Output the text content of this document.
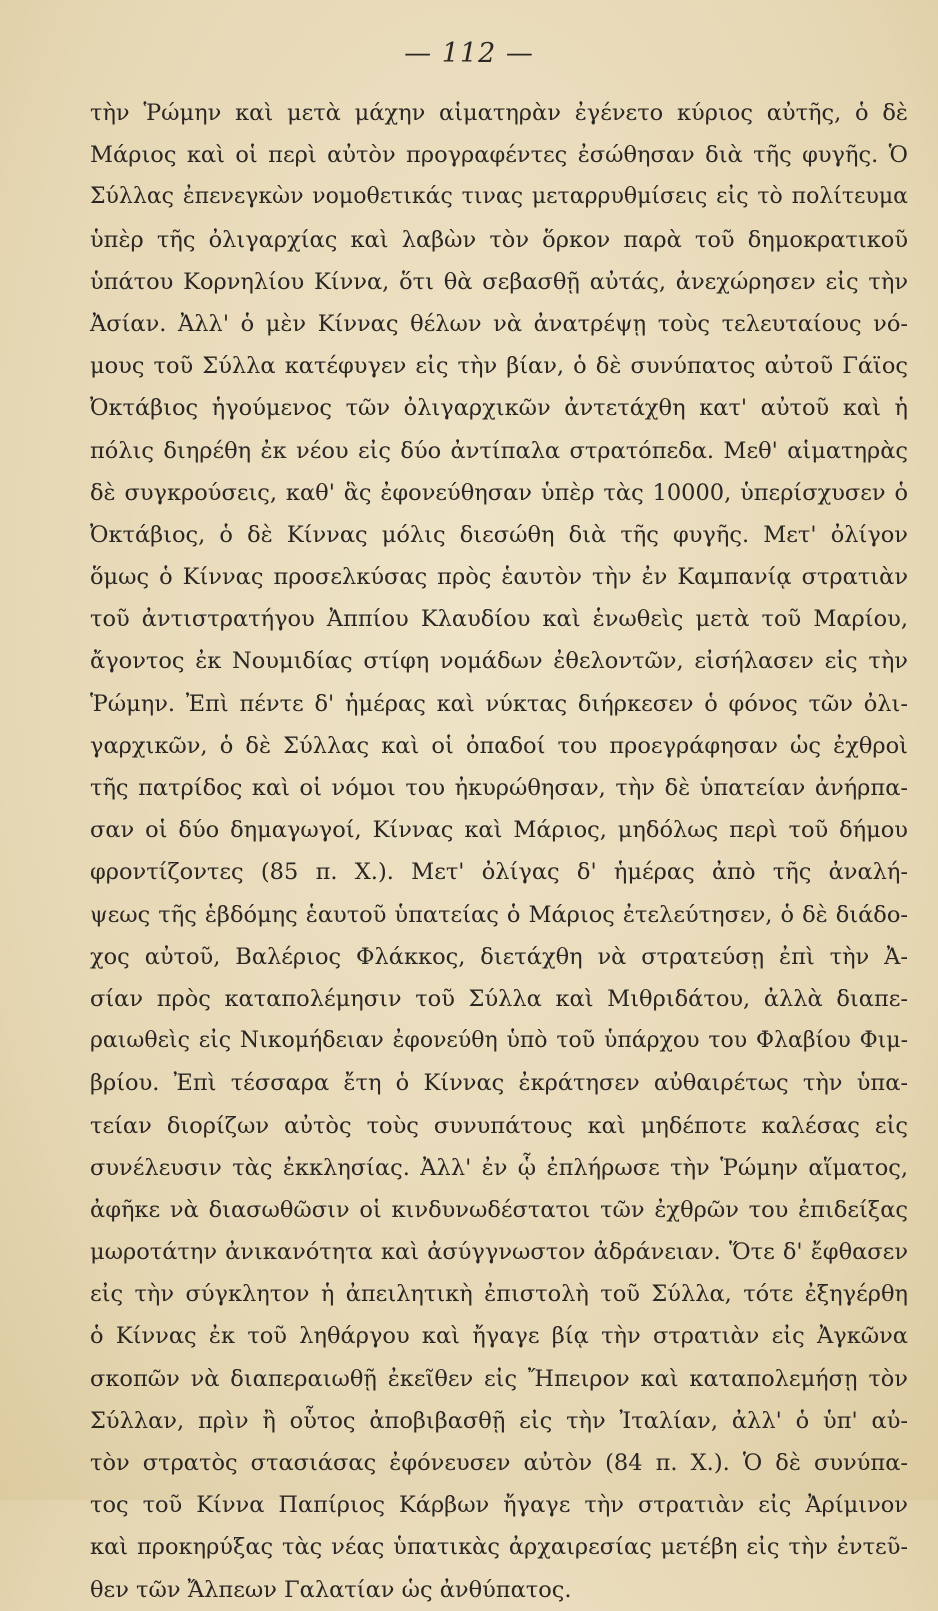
— 112 —
τὴν Ῥώμην καὶ μετὰ μάχην αἱματηρὰν ἐγένετο κύριος αὐτῆς, ὁ δὲ
Μάριος καὶ οἱ περὶ αὐτὸν προγραφέντες ἐσώθησαν διὰ τῆς φυγῆς. Ὁ
Σύλλας ἐπενεγκὼν νομοθετικάς τινας μεταρρυθμίσεις εἰς τὸ πολίτευμα
ὑπὲρ τῆς ὀλιγαρχίας καὶ λαβὼν τὸν ὅρκον παρὰ τοῦ δημοκρατικοῦ
ὑπάτου Κορνηλίου Κίννα, ὅτι θὰ σεβασθῇ αὐτάς, ἀνεχώρησεν εἰς τὴν
Ἀσίαν. Ἀλλ' ὁ μὲν Κίννας θέλων νὰ ἀνατρέψῃ τοὺς τελευταίους νό-
μους τοῦ Σύλλα κατέφυγεν εἰς τὴν βίαν, ὁ δὲ συνύπατος αὐτοῦ Γάϊος
Ὀκτάβιος ἡγούμενος τῶν ὀλιγαρχικῶν ἀντετάχθη κατ' αὐτοῦ καὶ ἡ
πόλις διηρέθη ἐκ νέου εἰς δύο ἀντίπαλα στρατόπεδα. Μεθ' αἱματηρὰς
δὲ συγκρούσεις, καθ' ἃς ἐφονεύθησαν ὑπὲρ τὰς 10000, ὑπερίσχυσεν ὁ
Ὀκτάβιος, ὁ δὲ Κίννας μόλις διεσώθη διὰ τῆς φυγῆς. Μετ' ὀλίγον
ὅμως ὁ Κίννας προσελκύσας πρὸς ἑαυτὸν τὴν ἐν Καμπανίᾳ στρατιὰν
τοῦ ἀντιστρατήγου Ἀππίου Κλαυδίου καὶ ἑνωθεὶς μετὰ τοῦ Μαρίου,
ἄγοντος ἐκ Νουμιδίας στίφη νομάδων ἐθελοντῶν, εἰσήλασεν εἰς τὴν
Ῥώμην. Ἐπὶ πέντε δ' ἡμέρας καὶ νύκτας διήρκεσεν ὁ φόνος τῶν ὀλι-
γαρχικῶν, ὁ δὲ Σύλλας καὶ οἱ ὀπαδοί του προεγράφησαν ὡς ἐχθροὶ
τῆς πατρίδος καὶ οἱ νόμοι του ἠκυρώθησαν, τὴν δὲ ὑπατείαν ἀνήρπα-
σαν οἱ δύο δημαγωγοί, Κίννας καὶ Μάριος, μηδόλως περὶ τοῦ δήμου
φροντίζοντες (85 π. Χ.). Μετ' ὀλίγας δ' ἡμέρας ἀπὸ τῆς ἀναλή-
ψεως τῆς ἑβδόμης ἑαυτοῦ ὑπατείας ὁ Μάριος ἐτελεύτησεν, ὁ δὲ διάδο-
χος αὐτοῦ, Βαλέριος Φλάκκος, διετάχθη νὰ στρατεύσῃ ἐπὶ τὴν Ἀ-
σίαν πρὸς καταπολέμησιν τοῦ Σύλλα καὶ Μιθριδάτου, ἀλλὰ διαπε-
ραιωθεὶς εἰς Νικομήδειαν ἐφονεύθη ὑπὸ τοῦ ὑπάρχου του Φλαβίου Φιμ-
βρίου. Ἐπὶ τέσσαρα ἔτη ὁ Κίννας ἐκράτησεν αὐθαιρέτως τὴν ὑπα-
τείαν διορίζων αὐτὸς τοὺς συνυπάτους καὶ μηδέποτε καλέσας εἰς
συνέλευσιν τὰς ἐκκλησίας. Ἀλλ' ἐν ᾧ ἐπλήρωσε τὴν Ῥώμην αἵματος,
ἀφῆκε νὰ διασωθῶσιν οἱ κινδυνωδέστατοι τῶν ἐχθρῶν του ἐπιδείξας
μωροτάτην ἀνικανότητα καὶ ἀσύγγνωστον ἀδράνειαν. Ὅτε δ' ἔφθασεν
εἰς τὴν σύγκλητον ἡ ἀπειλητικὴ ἐπιστολὴ τοῦ Σύλλα, τότε ἐξηγέρθη
ὁ Κίννας ἐκ τοῦ ληθάργου καὶ ἤγαγε βίᾳ τὴν στρατιὰν εἰς Ἀγκῶνα
σκοπῶν νὰ διαπεραιωθῇ ἐκεῖθεν εἰς Ἤπειρον καὶ καταπολεμήσῃ τὸν
Σύλλαν, πρὶν ἢ οὗτος ἀποβιβασθῇ εἰς τὴν Ἰταλίαν, ἀλλ' ὁ ὑπ' αὐ-
τὸν στρατὸς στασιάσας ἐφόνευσεν αὐτὸν (84 π. Χ.). Ὁ δὲ συνύπα-
τος τοῦ Κίννα Παπίριος Κάρβων ἤγαγε τὴν στρατιὰν εἰς Ἀρίμινον
καὶ προκηρύξας τὰς νέας ὑπατικὰς ἀρχαιρεσίας μετέβη εἰς τὴν ἐντεῦ-
θεν τῶν Ἄλπεων Γαλατίαν ὡς ἀνθύπατος.
